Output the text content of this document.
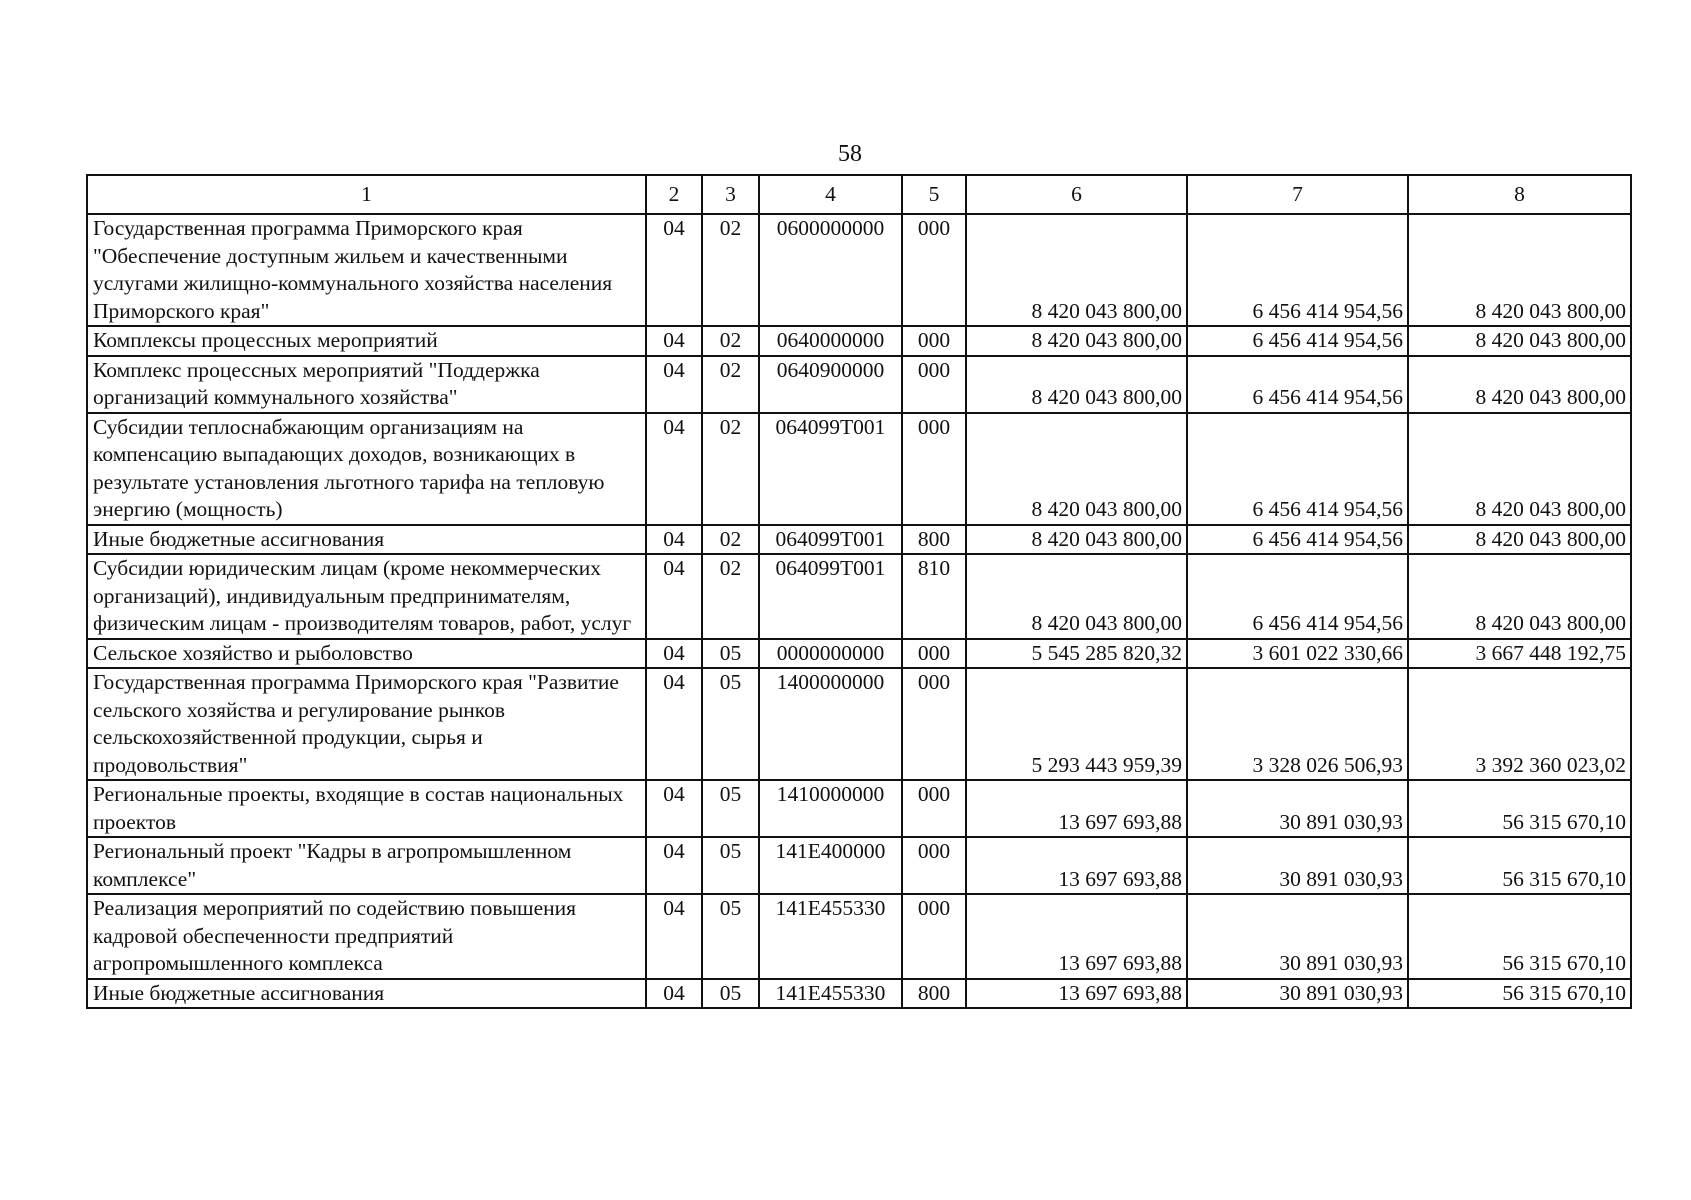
58
1	2	3	4	5	6	7	8
Государственная программа Приморского края "Обеспечение доступным жильем и качественными услугами жилищно-коммунального хозяйства населения Приморского края"	04	02	0600000000	000	8 420 043 800,00	6 456 414 954,56	8 420 043 800,00
Комплексы процессных мероприятий	04	02	0640000000	000	8 420 043 800,00	6 456 414 954,56	8 420 043 800,00
Комплекс процессных мероприятий "Поддержка организаций коммунального хозяйства"	04	02	0640900000	000	8 420 043 800,00	6 456 414 954,56	8 420 043 800,00
Субсидии теплоснабжающим организациям на компенсацию выпадающих доходов, возникающих в результате установления льготного тарифа на тепловую энергию (мощность)	04	02	064099Т001	000	8 420 043 800,00	6 456 414 954,56	8 420 043 800,00
Иные бюджетные ассигнования	04	02	064099Т001	800	8 420 043 800,00	6 456 414 954,56	8 420 043 800,00
Субсидии юридическим лицам (кроме некоммерческих организаций), индивидуальным предпринимателям, физическим лицам - производителям товаров, работ, услуг	04	02	064099Т001	810	8 420 043 800,00	6 456 414 954,56	8 420 043 800,00
Сельское хозяйство и рыболовство	04	05	0000000000	000	5 545 285 820,32	3 601 022 330,66	3 667 448 192,75
Государственная программа Приморского края "Развитие сельского хозяйства и регулирование рынков сельскохозяйственной продукции, сырья и продовольствия"	04	05	1400000000	000	5 293 443 959,39	3 328 026 506,93	3 392 360 023,02
Региональные проекты, входящие в состав национальных проектов	04	05	1410000000	000	13 697 693,88	30 891 030,93	56 315 670,10
Региональный проект "Кадры в агропромышленном комплексе"	04	05	141Е400000	000	13 697 693,88	30 891 030,93	56 315 670,10
Реализация мероприятий по содействию повышения кадровой обеспеченности предприятий агропромышленного комплекса	04	05	141Е455330	000	13 697 693,88	30 891 030,93	56 315 670,10
Иные бюджетные ассигнования	04	05	141Е455330	800	13 697 693,88	30 891 030,93	56 315 670,10
